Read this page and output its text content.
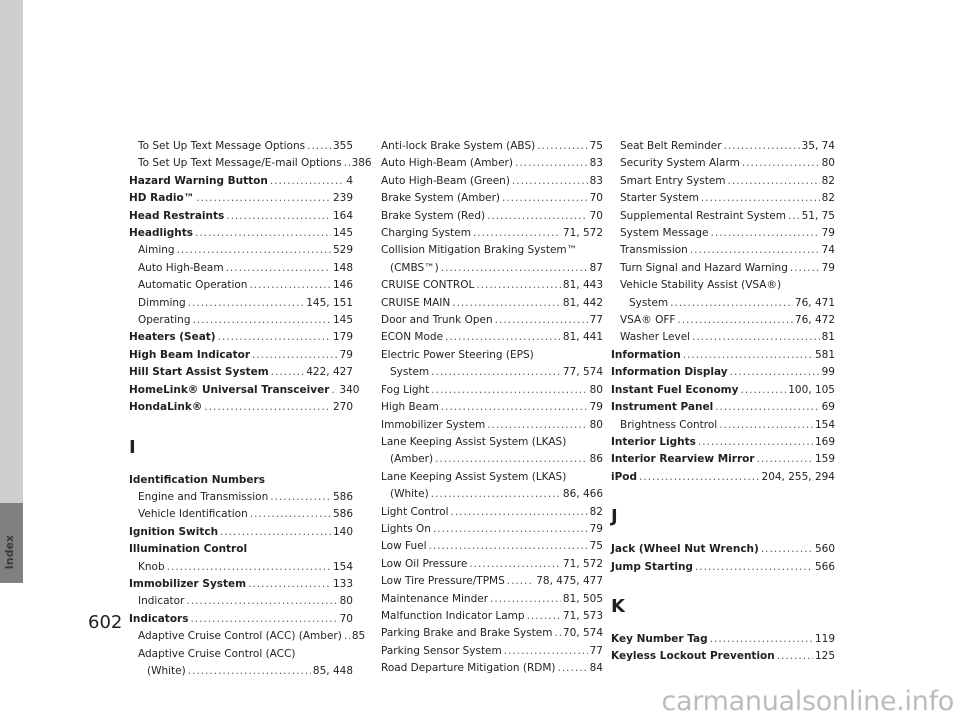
Index
To Set Up Text Message Options .....	355
To Set Up Text Message/E-mail Options ..... 386
Hazard Warning Button .....	4
HD Radio™ .....	239
Head Restraints .....	164
Headlights .....	145
Aiming .....	529
Auto High-Beam .....	148
Automatic Operation .....	146
Dimming .....	145, 151
Operating .....	145
Heaters (Seat) .....	179
High Beam Indicator .....	79
Hill Start Assist System .....	422, 427
HomeLink® Universal Transceiver ..... 340
HondaLink® .....	270
I
Identification Numbers
Engine and Transmission .....	586
Vehicle Identification .....	586
Ignition Switch .....	140
Illumination Control
Knob .....	154
Immobilizer System .....	133
Indicator .....	80
Indicators .....	70
Adaptive Cruise Control (ACC) (Amber) ..... 85
Adaptive Cruise Control (ACC)
(White) .....	85, 448
Anti-lock Brake System (ABS) .....	75
Auto High-Beam (Amber) .....	83
Auto High-Beam (Green) .....	83
Brake System (Amber) .....	70
Brake System (Red) .....	70
Charging System .....	71, 572
Collision Mitigation Braking System™
(CMBS™) .....	87
CRUISE CONTROL .....	81, 443
CRUISE MAIN .....	81, 442
Door and Trunk Open .....	77
ECON Mode .....	81, 441
Electric Power Steering (EPS)
System .....	77, 574
Fog Light .....	80
High Beam .....	79
Immobilizer System .....	80
Lane Keeping Assist System (LKAS)
(Amber) .....	86
Lane Keeping Assist System (LKAS)
(White) .....	86, 466
Light Control .....	82
Lights On .....	79
Low Fuel .....	75
Low Oil Pressure .....	71, 572
Low Tire Pressure/TPMS .....	78, 475, 477
Maintenance Minder .....	81, 505
Malfunction Indicator Lamp .....	71, 573
Parking Brake and Brake System ..... 70, 574
Parking Sensor System .....	77
Road Departure Mitigation (RDM) .....	84
Seat Belt Reminder .....	35, 74
Security System Alarm .....	80
Smart Entry System .....	82
Starter System .....	82
Supplemental Restraint System ..... 51, 75
System Message .....	79
Transmission .....	74
Turn Signal and Hazard Warning .....	79
Vehicle Stability Assist (VSA®)
System .....	76, 471
VSA® OFF .....	76, 472
Washer Level .....	81
Information .....	581
Information Display .....	99
Instant Fuel Economy .....	100, 105
Instrument Panel .....	69
Brightness Control .....	154
Interior Lights .....	169
Interior Rearview Mirror .....	159
iPod .....	204, 255, 294
J
Jack (Wheel Nut Wrench) .....	560
Jump Starting .....	566
K
Key Number Tag .....	119
Keyless Lockout Prevention .....	125
602
carmanualsonline.info
